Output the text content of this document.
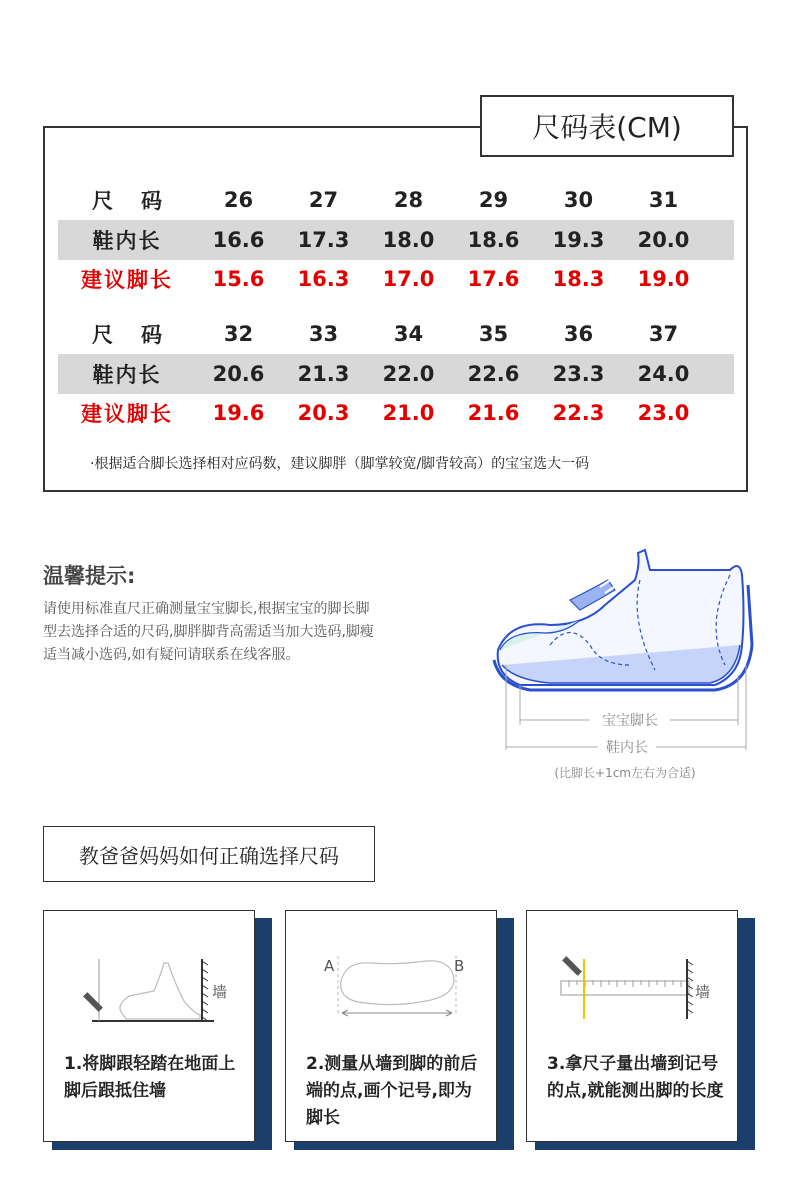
尺码表(CM)
尺码	26	27	28	29	30	31
鞋内长	16.6	17.3	18.0	18.6	19.3	20.0
建议脚长	15.6	16.3	17.0	17.6	18.3	19.0
尺码	32	33	34	35	36	37
鞋内长	20.6	21.3	22.0	22.6	23.3	24.0
建议脚长	19.6	20.3	21.0	21.6	22.3	23.0
·根据适合脚长选择相对应码数，建议脚胖（脚掌较宽/脚背较高）的宝宝选大一码
温馨提示:
请使用标准直尺正确测量宝宝脚长,根据宝宝的脚长脚型去选择合适的尺码,脚胖脚背高需适当加大选码,脚瘦适当减小选码,如有疑问请联系在线客服。
宝宝脚长
鞋内长
(比脚长+1cm左右为合适)
教爸爸妈妈如何正确选择尺码
墙
1.将脚跟轻踏在地面上脚后跟抵住墙
A	B
2.测量从墙到脚的前后端的点,画个记号,即为脚长
墙
3.拿尺子量出墙到记号的点,就能测出脚的长度
